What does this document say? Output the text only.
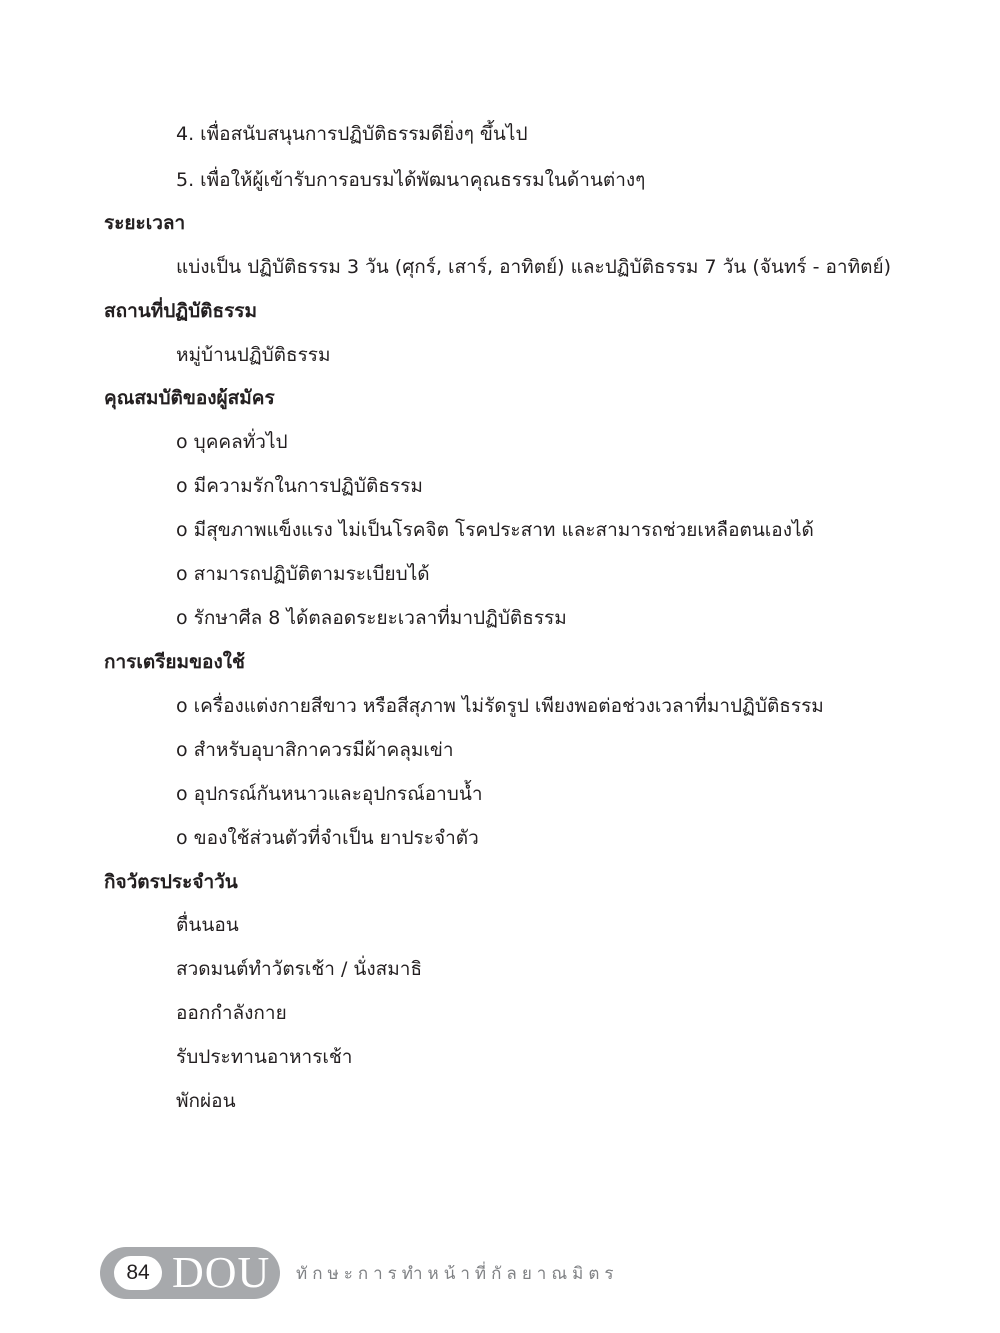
4. เพื่อสนับสนุนการปฏิบัติธรรมดียิ่งๆ ขึ้นไป
5. เพื่อให้ผู้เข้ารับการอบรมได้พัฒนาคุณธรรมในด้านต่างๆ
ระยะเวลา
แบ่งเป็น ปฏิบัติธรรม 3 วัน (ศุกร์, เสาร์, อาทิตย์) และปฏิบัติธรรม 7 วัน (จันทร์ - อาทิตย์)
สถานที่ปฏิบัติธรรม
หมู่บ้านปฏิบัติธรรม
คุณสมบัติของผู้สมัคร
o บุคคลทั่วไป
o มีความรักในการปฏิบัติธรรม
o มีสุขภาพแข็งแรง ไม่เป็นโรคจิต โรคประสาท และสามารถช่วยเหลือตนเองได้
o สามารถปฏิบัติตามระเบียบได้
o รักษาศีล 8 ได้ตลอดระยะเวลาที่มาปฏิบัติธรรม
การเตรียมของใช้
o เครื่องแต่งกายสีขาว หรือสีสุภาพ ไม่รัดรูป เพียงพอต่อช่วงเวลาที่มาปฏิบัติธรรม
o สำหรับอุบาสิกาควรมีผ้าคลุมเข่า
o อุปกรณ์กันหนาวและอุปกรณ์อาบน้ำ
o ของใช้ส่วนตัวที่จำเป็น ยาประจำตัว
กิจวัตรประจำวัน
ตื่นนอน
สวดมนต์ทำวัตรเช้า / นั่งสมาธิ
ออกกำลังกาย
รับประทานอาหารเช้า
พักผ่อน
84 DOU ทักษะการทำหน้าที่กัลยาณมิตร
